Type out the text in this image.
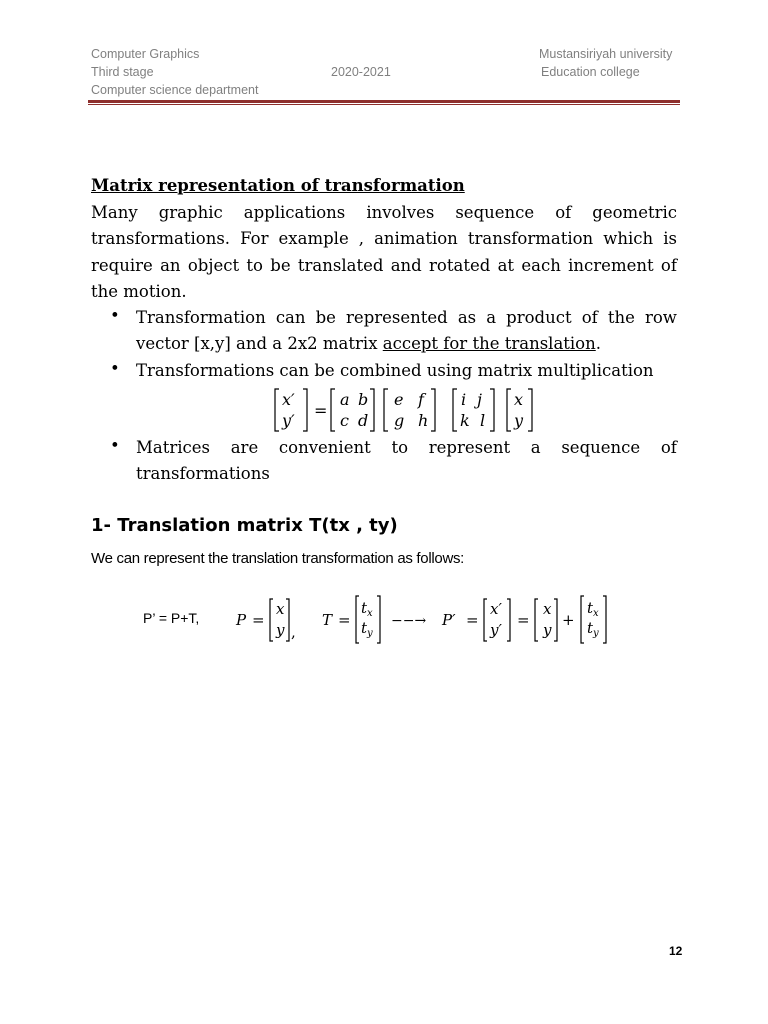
Computer Graphics
Third stage
Computer science department
2020-2021
Mustansiriyah university
Education college
Matrix representation of transformation
Many graphic applications involves sequence of geometric
transformations. For example , animation transformation which is
require an object to be translated and rotated at each increment of
the motion.
• Transformation can be represented as a product of the row
vector [x,y] and a 2x2 matrix accept for the translation.
• Transformations can be combined using matrix multiplication
x′
y′
=
a b
c d
e f
g h
i j
k l
x
y
• Matrices are convenient to represent a sequence of
transformations
1- Translation matrix T(tx , ty)
We can represent the translation transformation as follows:
P’ = P+T, P =
x
y ,
T =
$t_x$
$t_y$
−−→ P′ =
x′
y′
=
x
y
+
$t_x$
$t_y$
12
